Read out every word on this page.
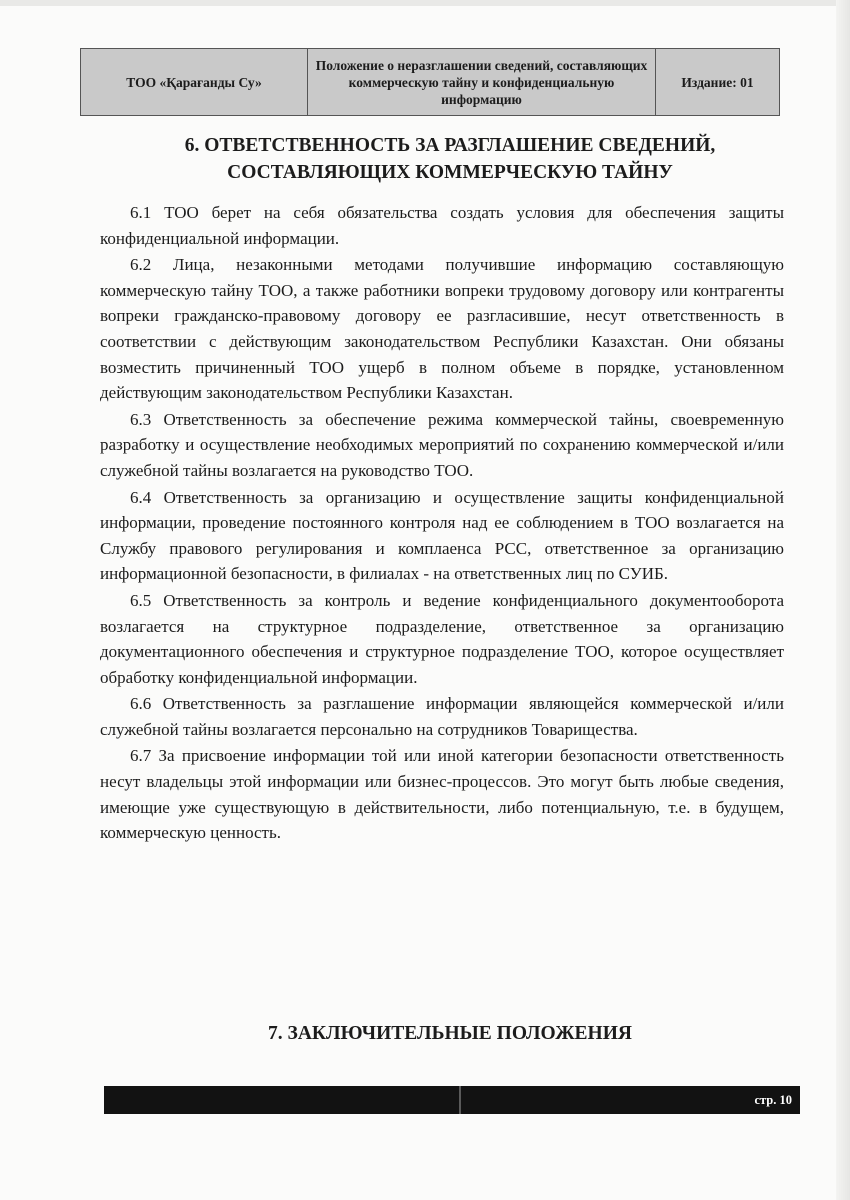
ТОО «Қарағанды Су»
Положение о неразглашении сведений, составляющих коммерческую тайну и конфиденциальную информацию
Издание: 01
6. ОТВЕТСТВЕННОСТЬ ЗА РАЗГЛАШЕНИЕ СВЕДЕНИЙ,
СОСТАВЛЯЮЩИХ КОММЕРЧЕСКУЮ ТАЙНУ

6.1 ТОО берет на себя обязательства создать условия для обеспечения защиты конфиденциальной информации.

6.2 Лица, незаконными методами получившие информацию составляющую коммерческую тайну ТОО, а также работники вопреки трудовому договору или контрагенты вопреки гражданско-правовому договору ее разгласившие, несут ответственность в соответствии с действующим законодательством Республики Казахстан. Они обязаны возместить причиненный ТОО ущерб в полном объеме в порядке, установленном действующим законодательством Республики Казахстан.

6.3 Ответственность за обеспечение режима коммерческой тайны, своевременную разработку и осуществление необходимых мероприятий по сохранению коммерческой и/или служебной тайны возлагается на руководство ТОО.

6.4 Ответственность за организацию и осуществление защиты конфиденциальной информации, проведение постоянного контроля над ее соблюдением в ТОО возлагается на Службу правового регулирования и комплаенса РСС, ответственное за организацию информационной безопасности, в филиалах - на ответственных лиц по СУИБ.

6.5 Ответственность за контроль и ведение конфиденциального документооборота возлагается на структурное подразделение, ответственное за организацию документационного обеспечения и структурное подразделение ТОО, которое осуществляет обработку конфиденциальной информации.

6.6 Ответственность за разглашение информации являющейся коммерческой и/или служебной тайны возлагается персонально на сотрудников Товарищества.

6.7 За присвоение информации той или иной категории безопасности ответственность несут владельцы этой информации или бизнес-процессов. Это могут быть любые сведения, имеющие уже существующую в действительности, либо потенциальную, т.е. в будущем, коммерческую ценность.

7. ЗАКЛЮЧИТЕЛЬНЫЕ ПОЛОЖЕНИЯ
стр. 10
